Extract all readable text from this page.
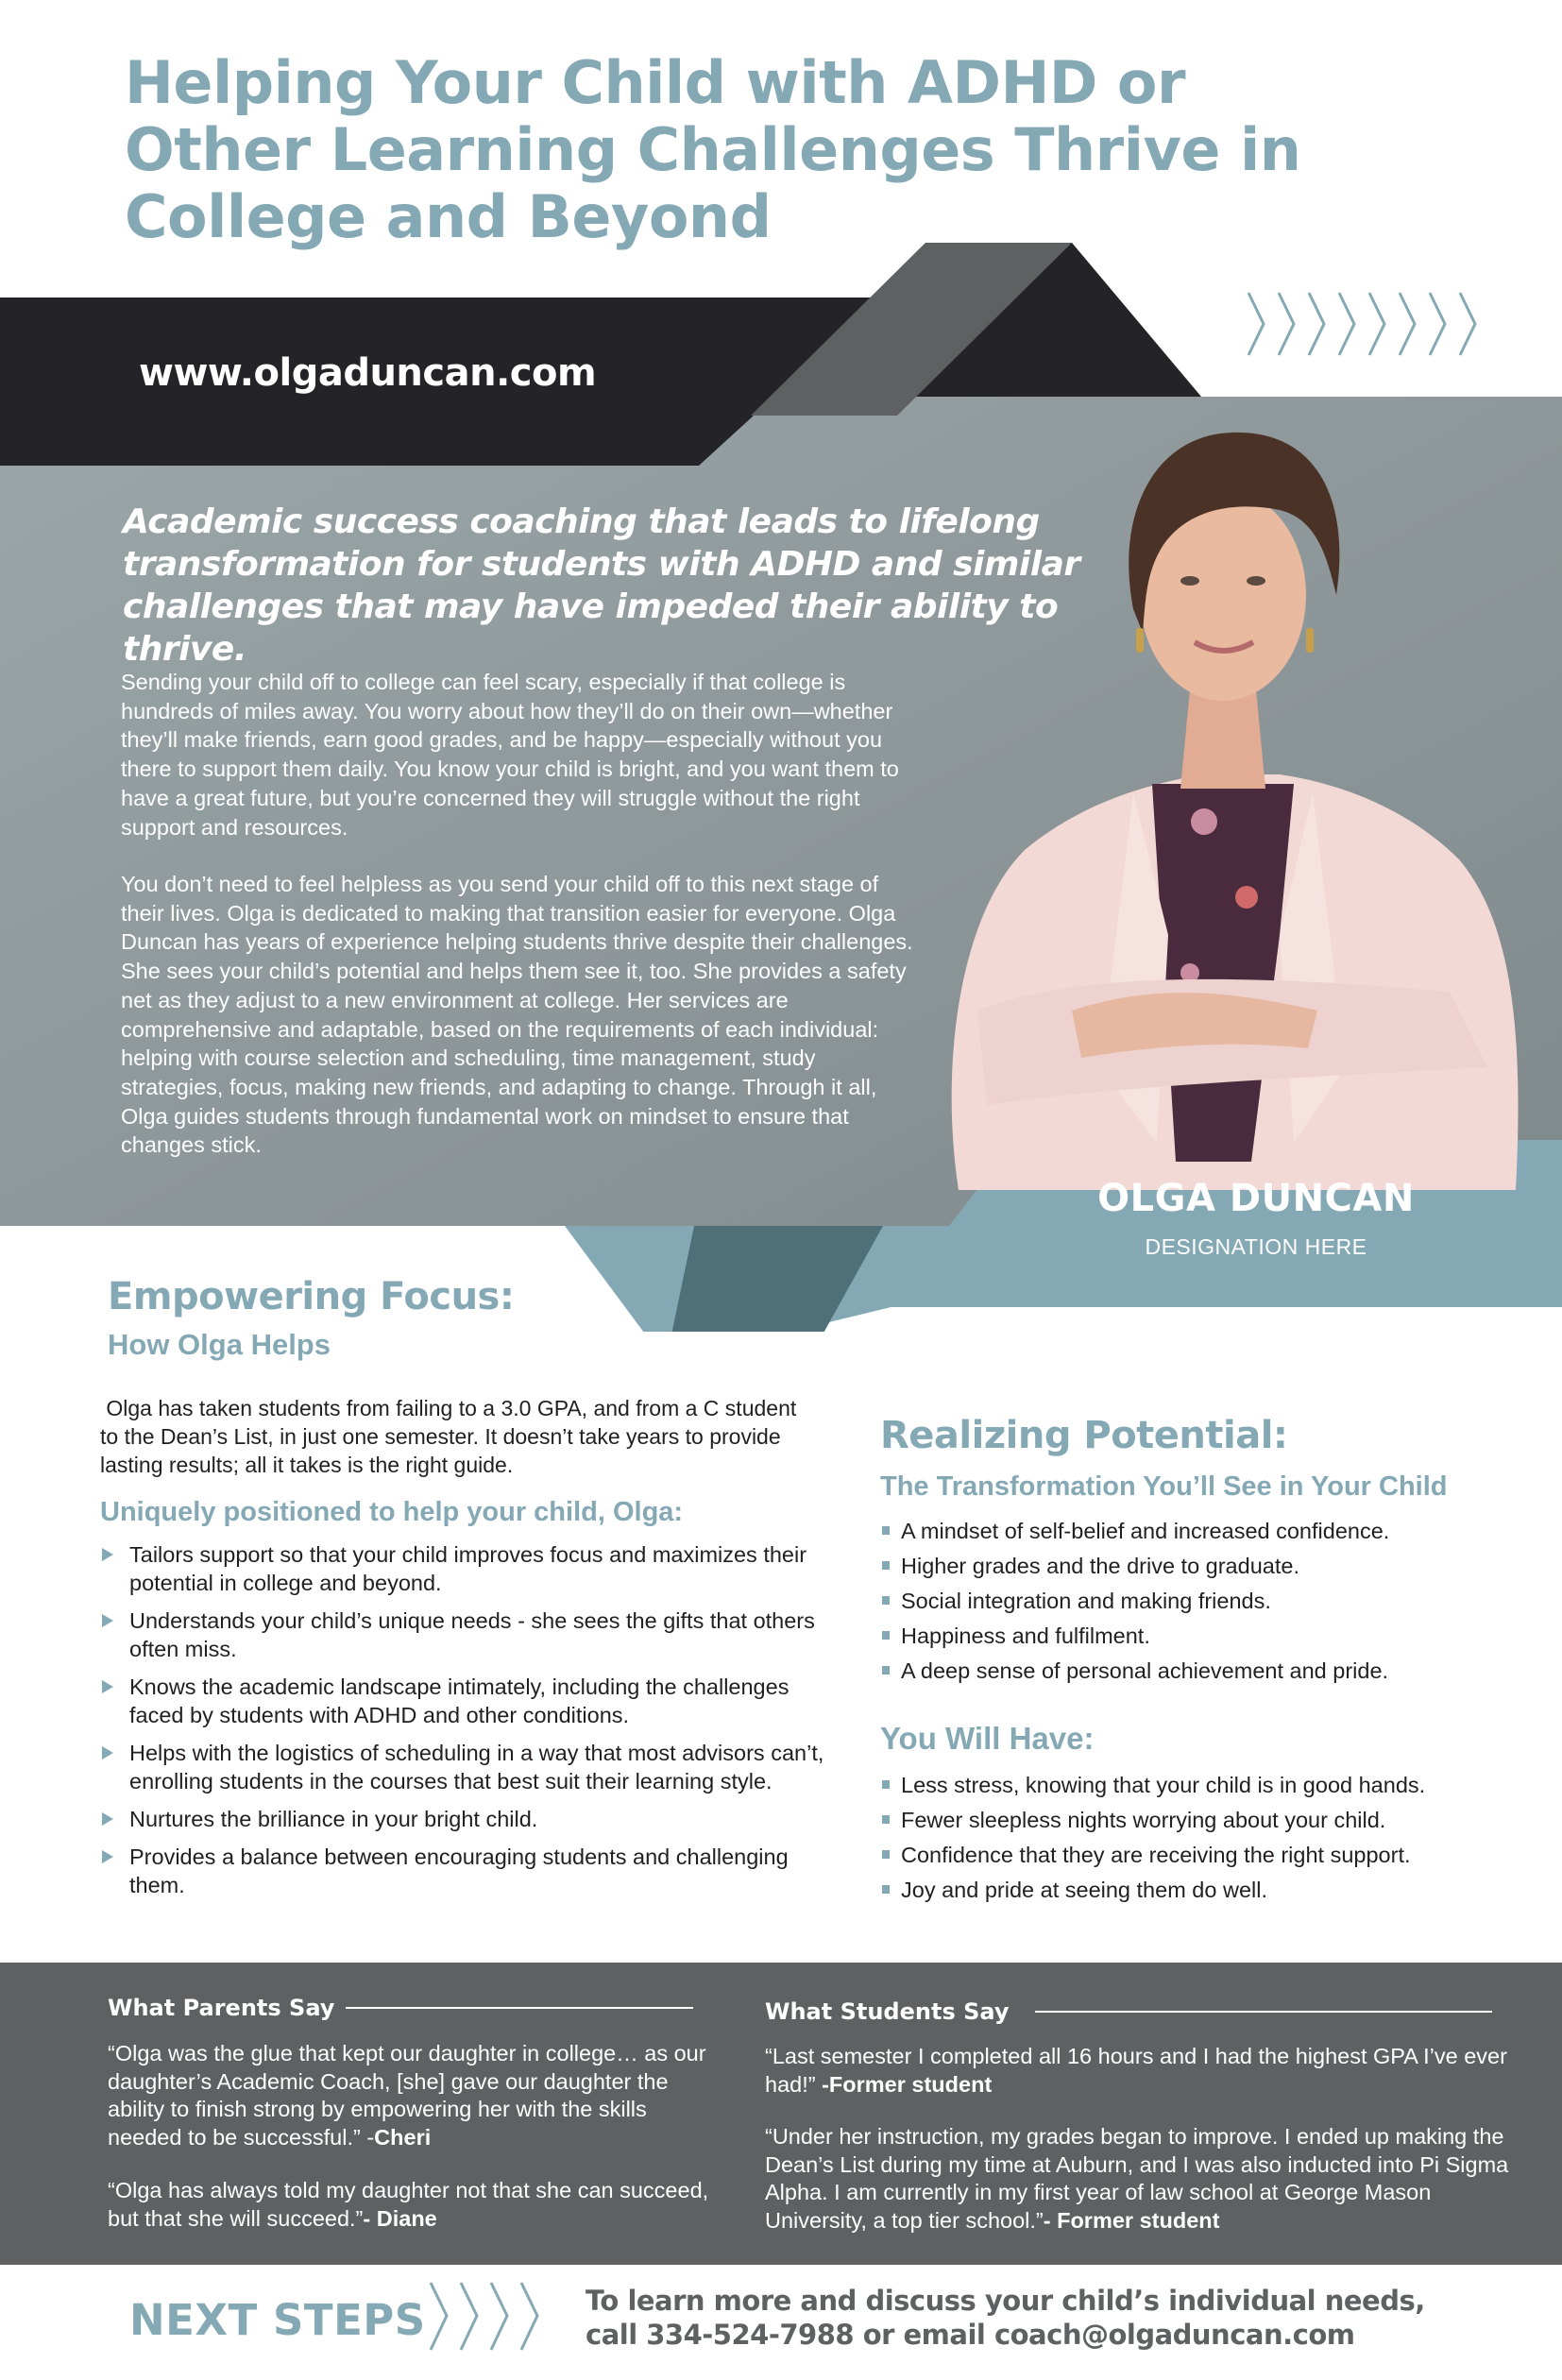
Helping Your Child with ADHD or
Other Learning Challenges Thrive in
College and Beyond
www.olgaduncan.com

Academic success coaching that leads to lifelong transformation for students with ADHD and similar challenges that may have impeded their ability to thrive.

Sending your child off to college can feel scary, especially if that college is hundreds of miles away. You worry about how they’ll do on their own—whether they’ll make friends, earn good grades, and be happy—especially without you there to support them daily. You know your child is bright, and you want them to have a great future, but you’re concerned they will struggle without the right support and resources.

You don’t need to feel helpless as you send your child off to this next stage of their lives. Olga is dedicated to making that transition easier for everyone. Olga Duncan has years of experience helping students thrive despite their challenges. She sees your child’s potential and helps them see it, too. She provides a safety net as they adjust to a new environment at college. Her services are comprehensive and adaptable, based on the requirements of each individual: helping with course selection and scheduling, time management, study strategies, focus, making new friends, and adapting to change. Through it all, Olga guides students through fundamental work on mindset to ensure that changes stick.

OLGA DUNCAN
DESIGNATION HERE
Empowering Focus:
How Olga Helps

Olga has taken students from failing to a 3.0 GPA, and from a C student to the Dean’s List, in just one semester. It doesn’t take years to provide lasting results; all it takes is the right guide.

Uniquely positioned to help your child, Olga:
Tailors support so that your child improves focus and maximizes their potential in college and beyond.
Understands your child’s unique needs - she sees the gifts that others often miss.
Knows the academic landscape intimately, including the challenges faced by students with ADHD and other conditions.
Helps with the logistics of scheduling in a way that most advisors can’t, enrolling students in the courses that best suit their learning style.
Nurtures the brilliance in your bright child.
Provides a balance between encouraging students and challenging them.
Realizing Potential:
The Transformation You’ll See in Your Child
A mindset of self-belief and increased confidence.
Higher grades and the drive to graduate.
Social integration and making friends.
Happiness and fulfilment.
A deep sense of personal achievement and pride.
You Will Have:
Less stress, knowing that your child is in good hands.
Fewer sleepless nights worrying about your child.
Confidence that they are receiving the right support.
Joy and pride at seeing them do well.
What Parents Say

“Olga was the glue that kept our daughter in college… as our daughter’s Academic Coach, [she] gave our daughter the ability to finish strong by empowering her with the skills needed to be successful.” -Cheri

“Olga has always told my daughter not that she can succeed, but that she will succeed.”- Diane

What Students Say

“Last semester I completed all 16 hours and I had the highest GPA I’ve ever had!” -Former student

“Under her instruction, my grades began to improve. I ended up making the Dean’s List during my time at Auburn, and I was also inducted into Pi Sigma Alpha. I am currently in my first year of law school at George Mason University, a top tier school.”- Former student

NEXT STEPS	To learn more and discuss your child’s individual needs,
call 334-524-7988 or email coach@olgaduncan.com
